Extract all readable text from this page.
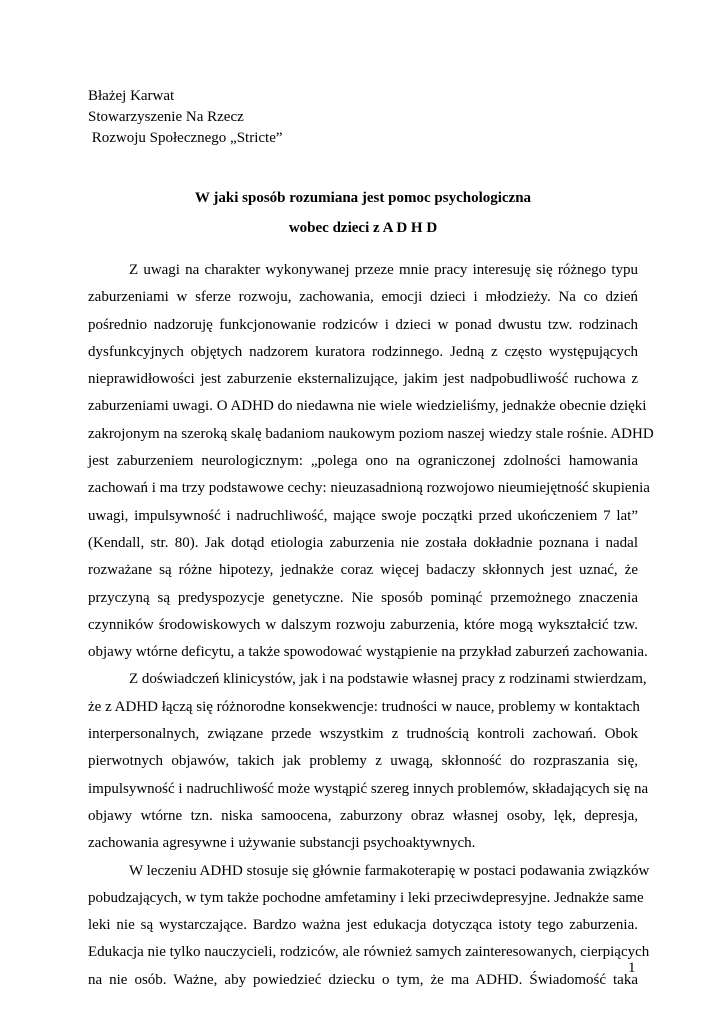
Błażej Karwat
Stowarzyszenie Na Rzecz
Rozwoju Społecznego „Stricte”
W jaki sposób rozumiana jest pomoc psychologiczna
wobec dzieci z A D H D

Z uwagi na charakter wykonywanej przeze mnie pracy interesuję się różnego typu
zaburzeniami w sferze rozwoju, zachowania, emocji dzieci i młodzieży. Na co dzień
pośrednio nadzoruję funkcjonowanie rodziców i dzieci w ponad dwustu tzw. rodzinach
dysfunkcyjnych objętych nadzorem kuratora rodzinnego. Jedną z często występujących
nieprawidłowości jest zaburzenie eksternalizujące, jakim jest nadpobudliwość ruchowa z
zaburzeniami uwagi. O ADHD do niedawna nie wiele wiedzieliśmy, jednakże obecnie dzięki
zakrojonym na szeroką skalę badaniom naukowym poziom naszej wiedzy stale rośnie. ADHD
jest zaburzeniem neurologicznym: „polega ono na ograniczonej zdolności hamowania
zachowań i ma trzy podstawowe cechy: nieuzasadnioną rozwojowo nieumiejętność skupienia
uwagi, impulsywność i nadruchliwość, mające swoje początki przed ukończeniem 7 lat”
(Kendall, str. 80). Jak dotąd etiologia zaburzenia nie została dokładnie poznana i nadal
rozważane są różne hipotezy, jednakże coraz więcej badaczy skłonnych jest uznać, że
przyczyną są predyspozycje genetyczne. Nie sposób pominąć przemożnego znaczenia
czynników środowiskowych w dalszym rozwoju zaburzenia, które mogą wykształcić tzw.
objawy wtórne deficytu, a także spowodować wystąpienie na przykład zaburzeń zachowania.

Z doświadczeń klinicystów, jak i na podstawie własnej pracy z rodzinami stwierdzam,
że z ADHD łączą się różnorodne konsekwencje: trudności w nauce, problemy w kontaktach
interpersonalnych, związane przede wszystkim z trudnością kontroli zachowań. Obok
pierwotnych objawów, takich jak problemy z uwagą, skłonność do rozpraszania się,
impulsywność i nadruchliwość może wystąpić szereg innych problemów, składających się na
objawy wtórne tzn. niska samoocena, zaburzony obraz własnej osoby, lęk, depresja,
zachowania agresywne i używanie substancji psychoaktywnych.

W leczeniu ADHD stosuje się głównie farmakoterapię w postaci podawania związków
pobudzających, w tym także pochodne amfetaminy i leki przeciwdepresyjne. Jednakże same
leki nie są wystarczające. Bardzo ważna jest edukacja dotycząca istoty tego zaburzenia.
Edukacja nie tylko nauczycieli, rodziców, ale również samych zainteresowanych, cierpiących
na nie osób. Ważne, aby powiedzieć dziecku o tym, że ma ADHD. Świadomość taka

1
